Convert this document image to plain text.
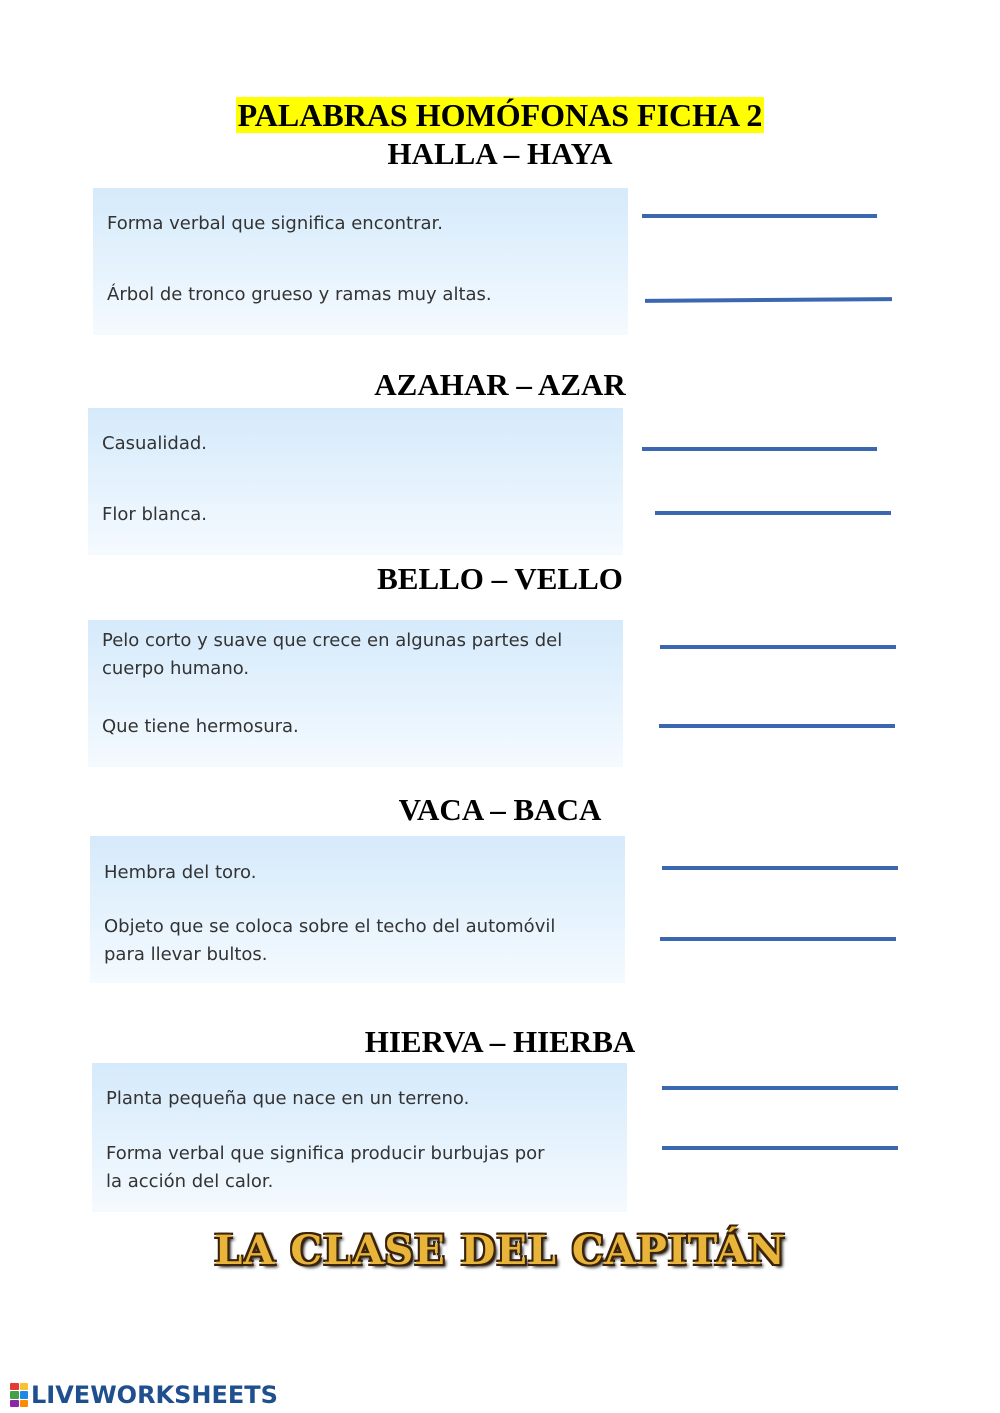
PALABRAS HOMÓFONAS FICHA 2
HALLA – HAYA
Forma verbal que significa encontrar.
Árbol de tronco grueso y ramas muy altas.
AZAHAR – AZAR
Casualidad.
Flor blanca.
BELLO – VELLO
Pelo corto y suave que crece en algunas partes del cuerpo humano.
Que tiene hermosura.
VACA – BACA
Hembra del toro.
Objeto que se coloca sobre el techo del automóvil para llevar bultos.
HIERVA – HIERBA
Planta pequeña que nace en un terreno.
Forma verbal que significa producir burbujas por la acción del calor.
LA CLASE DEL CAPITÁN
LIVEWORKSHEETS
